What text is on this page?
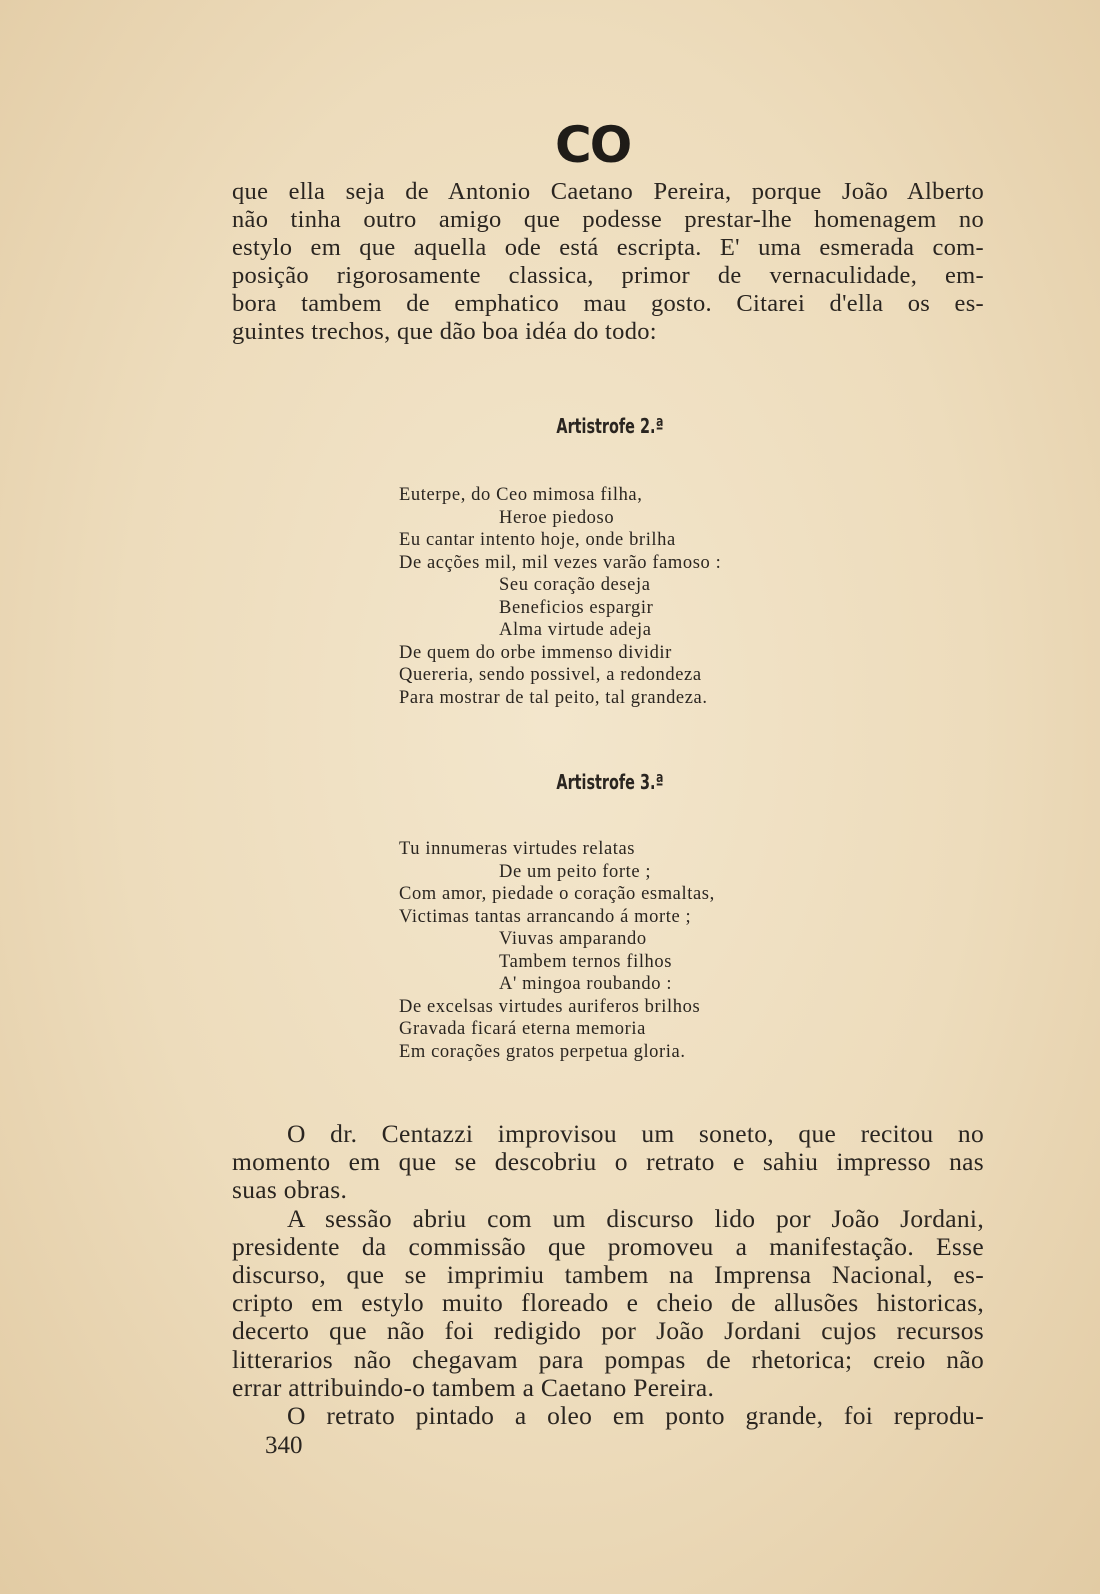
CO
que ella seja de Antonio Caetano Pereira, porque João Alberto
não tinha outro amigo que podesse prestar-lhe homenagem no
estylo em que aquella ode está escripta. E' uma esmerada com-
posição rigorosamente classica, primor de vernaculidade, em-
bora tambem de emphatico mau gosto. Citarei d'ella os es-
guintes trechos, que dão boa idéa do todo:
Artistrofe 2.ª
Euterpe, do Ceo mimosa filha,
Heroe piedoso
Eu cantar intento hoje, onde brilha
De acções mil, mil vezes varão famoso :
Seu coração deseja
Beneficios espargir
Alma virtude adeja
De quem do orbe immenso dividir
Quereria, sendo possivel, a redondeza
Para mostrar de tal peito, tal grandeza.
Artistrofe 3.ª
Tu innumeras virtudes relatas
De um peito forte ;
Com amor, piedade o coração esmaltas,
Victimas tantas arrancando á morte ;
Viuvas amparando
Tambem ternos filhos
A' mingoa roubando :
De excelsas virtudes auriferos brilhos
Gravada ficará eterna memoria
Em corações gratos perpetua gloria.
O dr. Centazzi improvisou um soneto, que recitou no
momento em que se descobriu o retrato e sahiu impresso nas
suas obras.
A sessão abriu com um discurso lido por João Jordani,
presidente da commissão que promoveu a manifestação. Esse
discurso, que se imprimiu tambem na Imprensa Nacional, es-
cripto em estylo muito floreado e cheio de allusões historicas,
decerto que não foi redigido por João Jordani cujos recursos
litterarios não chegavam para pompas de rhetorica; creio não
errar attribuindo-o tambem a Caetano Pereira.
O retrato pintado a oleo em ponto grande, foi reprodu-
340
